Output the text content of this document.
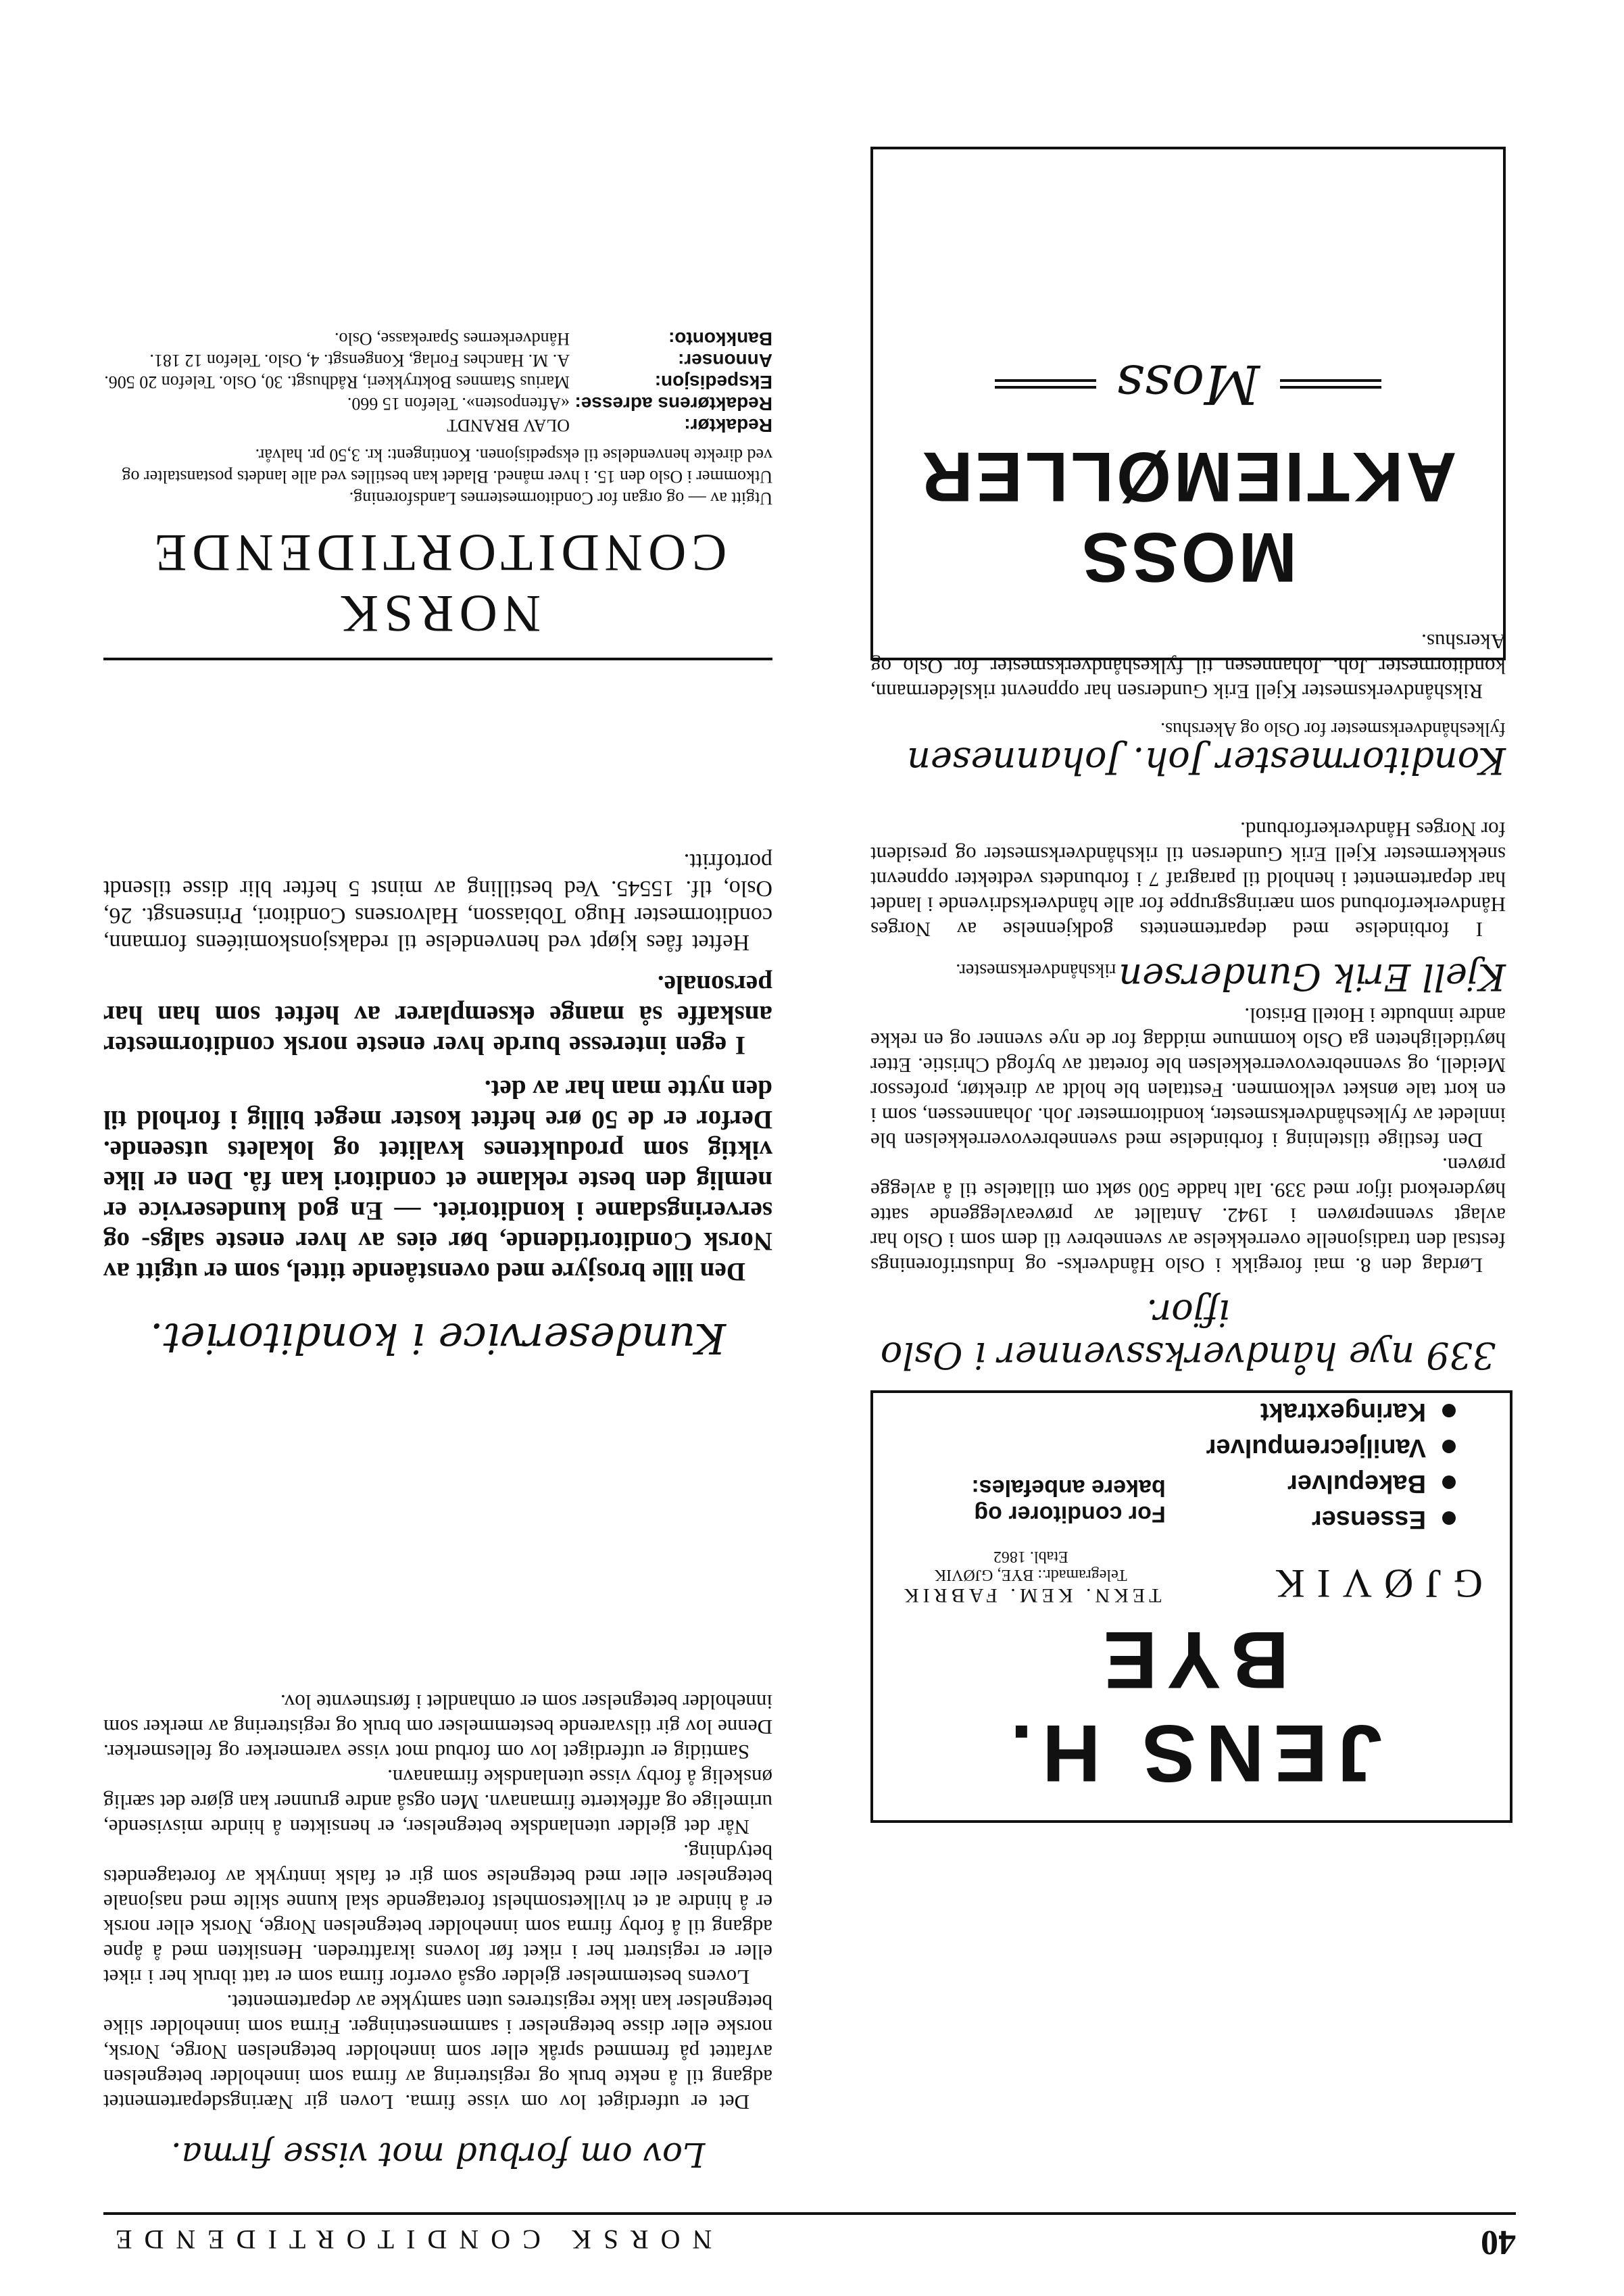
40
NORSK CONDITORTIDENDE
JENS H. BYE
GJØVIK
TEKN. KEM. FABRIK
Telegramadr.: BYE, GJØVIK
Etabl. 1862
Essenser
Bakepulver
Vaniljecrempulver
Karingextrakt
For conditorer og bakere anbefales:
339 nye håndverkssvenner i Oslo ifjor.

Lørdag den 8. mai foregikk i Oslo Håndverks- og Industriforenings festsal den tradisjonelle overrekkelse av svennebrev til dem som i Oslo har avlagt svenneprøven i 1942. Antallet av prøveavleggende satte høyderekord ifjor med 339. Ialt hadde 500 søkt om tillatelse til å avlegge prøven.

Den festlige tilstelning i forbindelse med svennebrevoverrekkelsen ble innledet av fylkeshåndverksmester, konditormester Joh. Johannessen, som i en kort tale ønsket velkommen. Festtalen ble holdt av direktør, professor Meidell, og svennebrevoverrekkelsen ble foretatt av byfogd Christie. Etter høytideligheten ga Oslo kommune middag for de nye svenner og en rekke andre innbudte i Hotell Bristol.

Kjell Erik Gundersen rikshåndverksmester.

I forbindelse med departementets godkjennelse av Norges Håndverkerforbund som næringsgruppe for alle håndverksdrivende i landet har departementet i henhold til paragraf 7 i forbundets vedtekter oppnevnt snekkermester Kjell Erik Gundersen til rikshåndverksmester og president for Norges Håndverkerforbund.

Konditormester Joh. Johannesen
fylkeshåndverksmester for Oslo og Akershus.

Rikshåndverksmester Kjell Erik Gundersen har oppnevnt rikslédermann, konditormester Joh. Johannesen til fylkeshåndverksmester for Oslo og Akershus.

MOSS AKTIEMØLLER
Moss
Lov om forbud mot visse firma.

Det er utferdiget lov om visse firma. Loven gir Næringsdepartementet adgang til å nekte bruk og registrering av firma som inneholder betegnelsen avfattet på fremmed språk eller som inneholder betegnelsen Norge, Norsk, norske eller disse betegnelser i sammensetninger. Firma som inneholder slike betegnelser kan ikke registreres uten samtykke av departementet.

Lovens bestemmelser gjelder også overfor firma som er tatt ibruk her i riket eller er registrert her i riket før lovens ikrafttreden. Hensikten med å åpne adgang til å forby firma som inneholder betegnelsen Norge, Norsk eller norsk er å hindre at et hvilketsomhelst foretagende skal kunne skilte med nasjonale betegnelser eller med betegnelse som gir et falsk inntrykk av foretagendets betydning.

Når det gjelder utenlandske betegnelser, er hensikten å hindre misvisende, urimelige og affekterte firmanavn. Men også andre grunner kan gjøre det særlig ønskelig å forby visse utenlandske firmanavn.

Samtidig er utferdiget lov om forbud mot visse varemerker og fellesmerker. Denne lov gir tilsvarende bestemmelser om bruk og registrering av merker som inneholder betegnelser som er omhandlet i førstnevnte lov.

Kundeservice i konditoriet.

Den lille brosjyre med ovenstående tittel, som er utgitt av Norsk Conditortidende, bør eies av hver eneste salgs- og serveringsdame i konditoriet. — En god kundeservice er nemlig den beste reklame et conditori kan få. Den er like viktig som produktenes kvalitet og lokalets utseende. Derfor er de 50 øre heftet koster meget billig i forhold til den nytte man har av det.

I egen interesse burde hver eneste norsk conditormester anskaffe så mange eksemplarer av heftet som han har personale.

Heftet fåes kjøpt ved henvendelse til redaksjonskomitéens formann, conditormester Hugo Tobiasson, Halvorsens Conditori, Prinsensgt. 26, Oslo, tlf. 15545. Ved bestilling av minst 5 hefter blir disse tilsendt portofritt.

NORSK CONDITORTIDENDE
Utgitt av — og organ for Conditormesternes Landsforening.
Utkommer i Oslo den 15. i hver måned. Bladet kan bestilles ved alle landets postanstalter og ved direkte henvendelse til ekspedisjonen. Kontingent: kr. 3,50 pr. halvår.
Redaktør:
OLAV BRANDT
Redaktørens adresse:
«Aftenposten». Telefon 15 660.
Ekspedisjon:
Marius Stamnes Boktrykkeri, Rådhusgt. 30, Oslo. Telefon 20 506.
Annonser:
A. M. Hanches Forlag, Kongensgt. 4, Oslo. Telefon 12 181.
Bankkonto:
Håndverkernes Sparekasse, Oslo.
